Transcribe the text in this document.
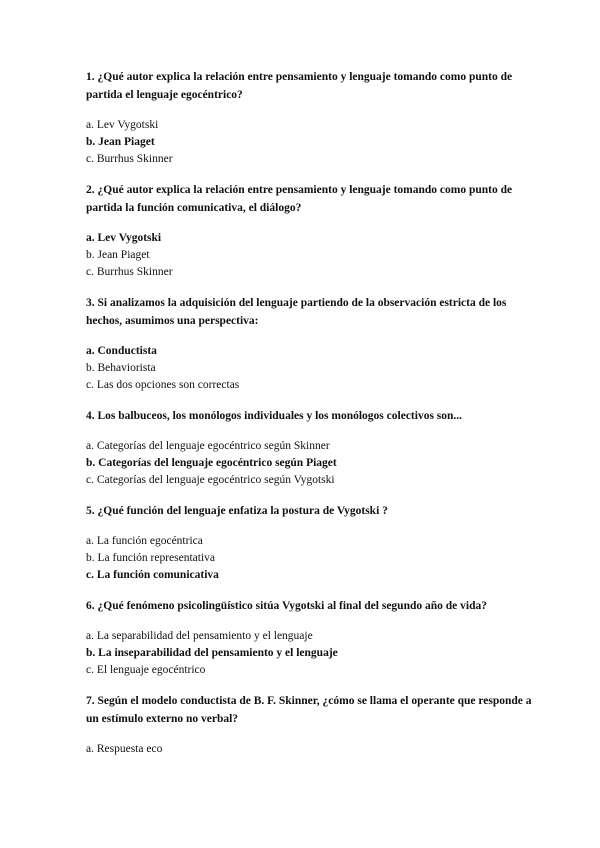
1. ¿Qué autor explica la relación entre pensamiento y lenguaje tomando como punto de partida el lenguaje egocéntrico?

a. Lev Vygotski
b. Jean Piaget
c. Burrhus Skinner

2. ¿Qué autor explica la relación entre pensamiento y lenguaje tomando como punto de partida la función comunicativa, el diálogo?

a. Lev Vygotski
b. Jean Piaget
c. Burrhus Skinner

3. Si analizamos la adquisición del lenguaje partiendo de la observación estricta de los hechos, asumimos una perspectiva:

a. Conductista
b. Behaviorista
c. Las dos opciones son correctas

4. Los balbuceos, los monólogos individuales y los monólogos colectivos son...

a. Categorías del lenguaje egocéntrico según Skinner
b. Categorías del lenguaje egocéntrico según Piaget
c. Categorías del lenguaje egocéntrico según Vygotski

5. ¿Qué función del lenguaje enfatiza la postura de Vygotski ?

a. La función egocéntrica
b. La función representativa
c. La función comunicativa

6. ¿Qué fenómeno psicolingüístico sitúa Vygotski al final del segundo año de vida?

a. La separabilidad del pensamiento y el lenguaje
b. La inseparabilidad del pensamiento y el lenguaje
c. El lenguaje egocéntrico

7. Según el modelo conductista de B. F. Skinner, ¿cómo se llama el operante que responde a un estímulo externo no verbal?

a. Respuesta eco
